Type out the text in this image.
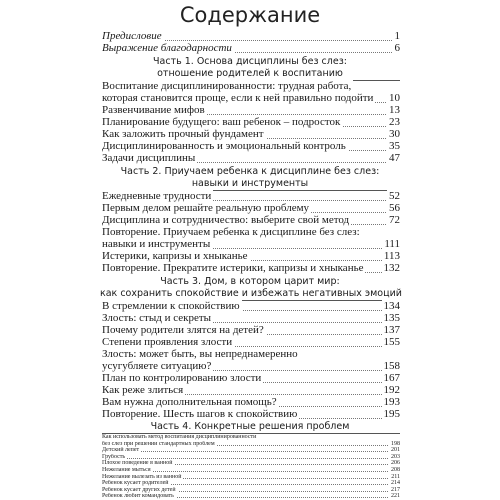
Содержание
Предисловие	1
Выражение благодарности	6
Часть 1. Основа дисциплины без слез:
отношение родителей к воспитанию
Воспитание дисциплинированности: трудная работа,
которая становится проще, если к ней правильно подойти 10
Развенчивание мифов	13
Планирование будущего: ваш ребенок – подросток	23
Как заложить прочный фундамент	30
Дисциплинированность и эмоциональный контроль	35
Задачи дисциплины	47
Часть 2. Приучаем ребенка к дисциплине без слез:
навыки и инструменты
Ежедневные трудности	52
Первым делом решайте реальную проблему	56
Дисциплина и сотрудничество: выберите свой метод	72
Повторение. Приучаем ребенка к дисциплине без слез:
навыки и инструменты	111
Истерики, капризы и хныканье	113
Повторение. Прекратите истерики, капризы и хныканье 132
Часть 3. Дом, в котором царит мир:
как сохранить спокойствие и избежать негативных эмоций
В стремлении к спокойствию	134
Злость: стыд и секреты	135
Почему родители злятся на детей?	137
Степени проявления злости	155
Злость: может быть, вы непреднамеренно
усугубляете ситуацию?	158
План по контролированию злости	167
Как реже злиться	192
Вам нужна дополнительная помощь?	193
Повторение. Шесть шагов к спокойствию	195
Часть 4. Конкретные решения проблем
Как использовать метод воспитания дисциплинированности
без слез при решении стандартных проблем	198
Детский лепет	201
Грубость	203
Плохое поведение в ванной	206
Нежелание мыться	208
Нежелание вылезать из ванной	211
Ребенок кусает родителей	214
Ребенок кусает других детей	217
Ребенок любит командовать	221
